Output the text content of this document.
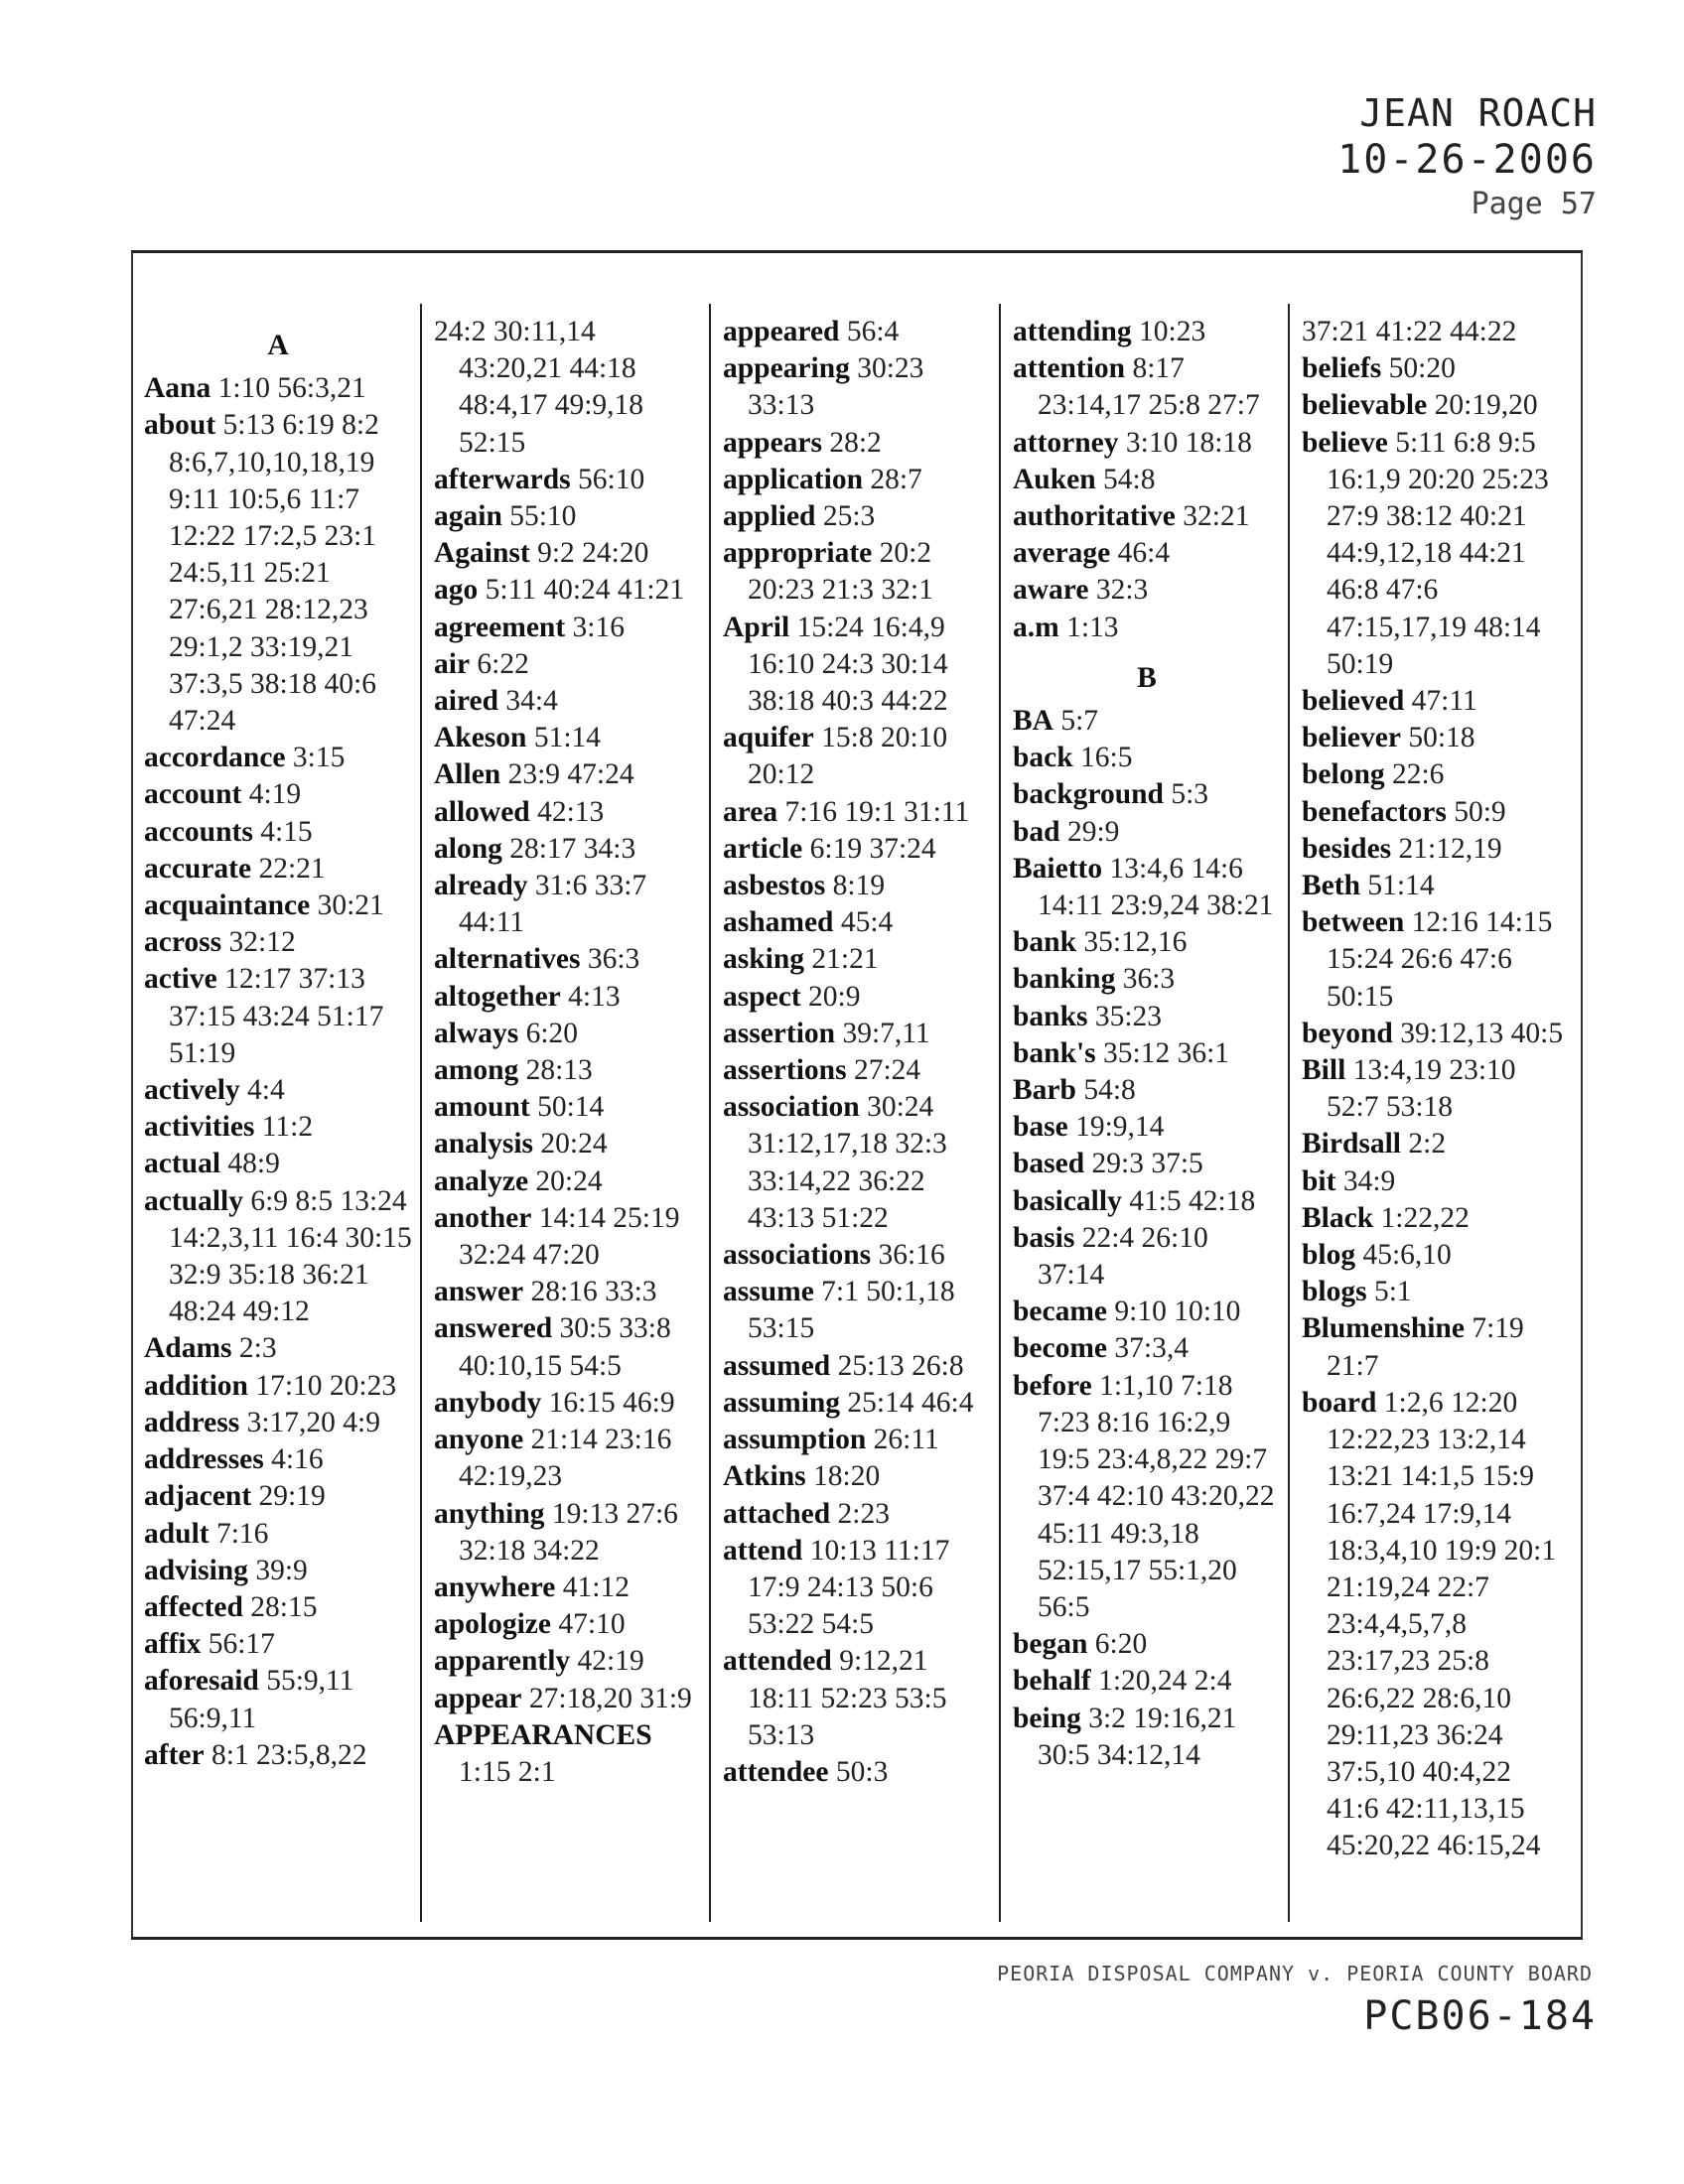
JEAN ROACH
10-26-2006
Page 57
A
Aana 1:10 56:3,21
about 5:13 6:19 8:2 8:6,7,10,10,18,19 9:11 10:5,6 11:7 12:22 17:2,5 23:1 24:5,11 25:21 27:6,21 28:12,23 29:1,2 33:19,21 37:3,5 38:18 40:6 47:24
accordance 3:15
account 4:19
accounts 4:15
accurate 22:21
acquaintance 30:21
across 32:12
active 12:17 37:13 37:15 43:24 51:17 51:19
actively 4:4
activities 11:2
actual 48:9
actually 6:9 8:5 13:24 14:2,3,11 16:4 30:15 32:9 35:18 36:21 48:24 49:12
Adams 2:3
addition 17:10 20:23
address 3:17,20 4:9
addresses 4:16
adjacent 29:19
adult 7:16
advising 39:9
affected 28:15
affix 56:17
aforesaid 55:9,11 56:9,11
after 8:1 23:5,8,22
24:2 30:11,14 43:20,21 44:18 48:4,17 49:9,18 52:15
afterwards 56:10
again 55:10
Against 9:2 24:20
ago 5:11 40:24 41:21
agreement 3:16
air 6:22
aired 34:4
Akeson 51:14
Allen 23:9 47:24
allowed 42:13
along 28:17 34:3
already 31:6 33:7 44:11
alternatives 36:3
altogether 4:13
always 6:20
among 28:13
amount 50:14
analysis 20:24
analyze 20:24
another 14:14 25:19 32:24 47:20
answer 28:16 33:3
answered 30:5 33:8 40:10,15 54:5
anybody 16:15 46:9
anyone 21:14 23:16 42:19,23
anything 19:13 27:6 32:18 34:22
anywhere 41:12
apologize 47:10
apparently 42:19
appear 27:18,20 31:9
APPEARANCES 1:15 2:1
appeared 56:4
appearing 30:23 33:13
appears 28:2
application 28:7
applied 25:3
appropriate 20:2 20:23 21:3 32:1
April 15:24 16:4,9 16:10 24:3 30:14 38:18 40:3 44:22
aquifer 15:8 20:10 20:12
area 7:16 19:1 31:11
article 6:19 37:24
asbestos 8:19
ashamed 45:4
asking 21:21
aspect 20:9
assertion 39:7,11
assertions 27:24
association 30:24 31:12,17,18 32:3 33:14,22 36:22 43:13 51:22
associations 36:16
assume 7:1 50:1,18 53:15
assumed 25:13 26:8
assuming 25:14 46:4
assumption 26:11
Atkins 18:20
attached 2:23
attend 10:13 11:17 17:9 24:13 50:6 53:22 54:5
attended 9:12,21 18:11 52:23 53:5 53:13
attendee 50:3
attending 10:23
attention 8:17 23:14,17 25:8 27:7
attorney 3:10 18:18
Auken 54:8
authoritative 32:21
average 46:4
aware 32:3
a.m 1:13
B
BA 5:7
back 16:5
background 5:3
bad 29:9
Baietto 13:4,6 14:6 14:11 23:9,24 38:21
bank 35:12,16
banking 36:3
banks 35:23
bank's 35:12 36:1
Barb 54:8
base 19:9,14
based 29:3 37:5
basically 41:5 42:18
basis 22:4 26:10 37:14
became 9:10 10:10
become 37:3,4
before 1:1,10 7:18 7:23 8:16 16:2,9 19:5 23:4,8,22 29:7 37:4 42:10 43:20,22 45:11 49:3,18 52:15,17 55:1,20 56:5
began 6:20
behalf 1:20,24 2:4
being 3:2 19:16,21 30:5 34:12,14
37:21 41:22 44:22
beliefs 50:20
believable 20:19,20
believe 5:11 6:8 9:5 16:1,9 20:20 25:23 27:9 38:12 40:21 44:9,12,18 44:21 46:8 47:6 47:15,17,19 48:14 50:19
believed 47:11
believer 50:18
belong 22:6
benefactors 50:9
besides 21:12,19
Beth 51:14
between 12:16 14:15 15:24 26:6 47:6 50:15
beyond 39:12,13 40:5
Bill 13:4,19 23:10 52:7 53:18
Birdsall 2:2
bit 34:9
Black 1:22,22
blog 45:6,10
blogs 5:1
Blumenshine 7:19 21:7
board 1:2,6 12:20 12:22,23 13:2,14 13:21 14:1,5 15:9 16:7,24 17:9,14 18:3,4,10 19:9 20:1 21:19,24 22:7 23:4,4,5,7,8 23:17,23 25:8 26:6,22 28:6,10 29:11,23 36:24 37:5,10 40:4,22 41:6 42:11,13,15 45:20,22 46:15,24
PEORIA DISPOSAL COMPANY v. PEORIA COUNTY BOARD
PCB06-184
